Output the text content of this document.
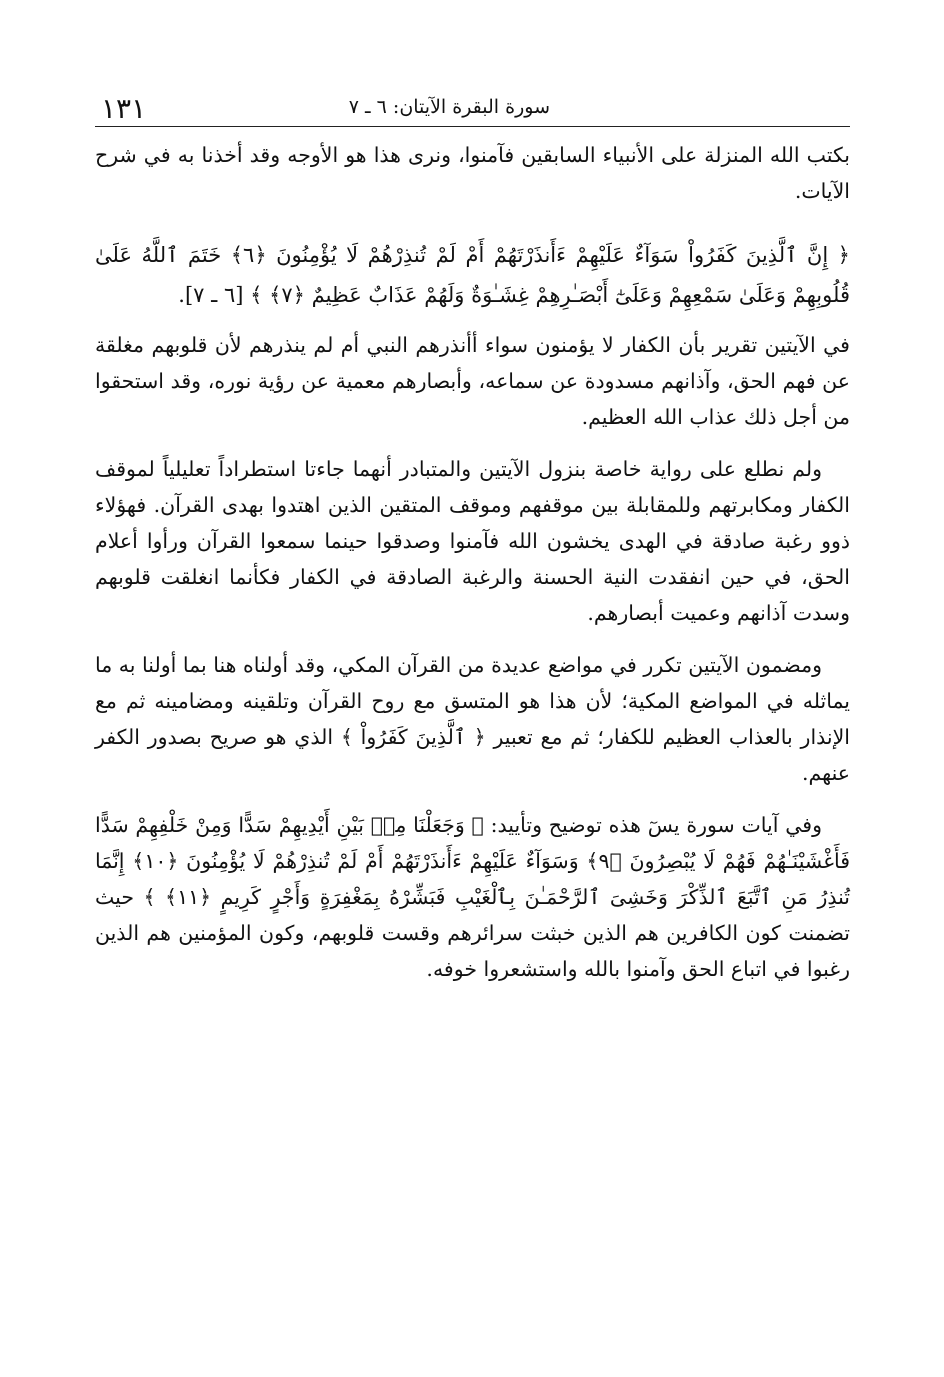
سورة البقرة الآيتان: ٦ ـ ٧
١٣١

بكتب الله المنزلة على الأنبياء السابقين فآمنوا، ونرى هذا هو الأوجه وقد أخذنا به في شرح الآيات.

﴿ إِنَّ ٱلَّذِينَ كَفَرُواْ سَوَآءٌ عَلَيْهِمْ ءَأَنذَرْتَهُمْ أَمْ لَمْ تُنذِرْهُمْ لَا يُؤْمِنُونَ ﴿٦﴾ خَتَمَ ٱللَّهُ عَلَىٰ قُلُوبِهِمْ وَعَلَىٰ سَمْعِهِمْ وَعَلَىٰٓ أَبْصَـٰرِهِمْ غِشَـٰوَةٌ وَلَهُمْ عَذَابٌ عَظِيمٌ ﴿٧﴾ ﴾ [٦ ـ ٧].

في الآيتين تقرير بأن الكفار لا يؤمنون سواء أأنذرهم النبي أم لم ينذرهم لأن قلوبهم مغلقة عن فهم الحق، وآذانهم مسدودة عن سماعه، وأبصارهم معمية عن رؤية نوره، وقد استحقوا من أجل ذلك عذاب الله العظيم.

ولم نطلع على رواية خاصة بنزول الآيتين والمتبادر أنهما جاءتا استطراداً تعليلياً لموقف الكفار ومكابرتهم وللمقابلة بين موقفهم وموقف المتقين الذين اهتدوا بهدى القرآن. فهؤلاء ذوو رغبة صادقة في الهدى يخشون الله فآمنوا وصدقوا حينما سمعوا القرآن ورأوا أعلام الحق، في حين انفقدت النية الحسنة والرغبة الصادقة في الكفار فكأنما انغلقت قلوبهم وسدت آذانهم وعميت أبصارهم.

ومضمون الآيتين تكرر في مواضع عديدة من القرآن المكي، وقد أولناه هنا بما أولنا به ما يماثله في المواضع المكية؛ لأن هذا هو المتسق مع روح القرآن وتلقينه ومضامينه ثم مع الإنذار بالعذاب العظيم للكفار؛ ثم مع تعبير ﴿ ٱلَّذِينَ كَفَرُواْ ﴾ الذي هو صريح بصدور الكفر عنهم.

وفي آيات سورة يسٓ هذه توضيح وتأييد: ﴿ وَجَعَلْنَا مِنۢ بَيْنِ أَيْدِيهِمْ سَدًّا وَمِنْ خَلْفِهِمْ سَدًّا فَأَغْشَيْنَـٰهُمْ فَهُمْ لَا يُبْصِرُونَ ﴿٩﴾ وَسَوَآءٌ عَلَيْهِمْ ءَأَنذَرْتَهُمْ أَمْ لَمْ تُنذِرْهُمْ لَا يُؤْمِنُونَ ﴿١٠﴾ إِنَّمَا تُنذِرُ مَنِ ٱتَّبَعَ ٱلذِّكْرَ وَخَشِىَ ٱلرَّحْمَـٰنَ بِٱلْغَيْبِ فَبَشِّرْهُ بِمَغْفِرَةٍ وَأَجْرٍ كَرِيمٍ ﴿١١﴾ ﴾ حيث تضمنت كون الكافرين هم الذين خبثت سرائرهم وقست قلوبهم، وكون المؤمنين هم الذين رغبوا في اتباع الحق وآمنوا بالله واستشعروا خوفه.
